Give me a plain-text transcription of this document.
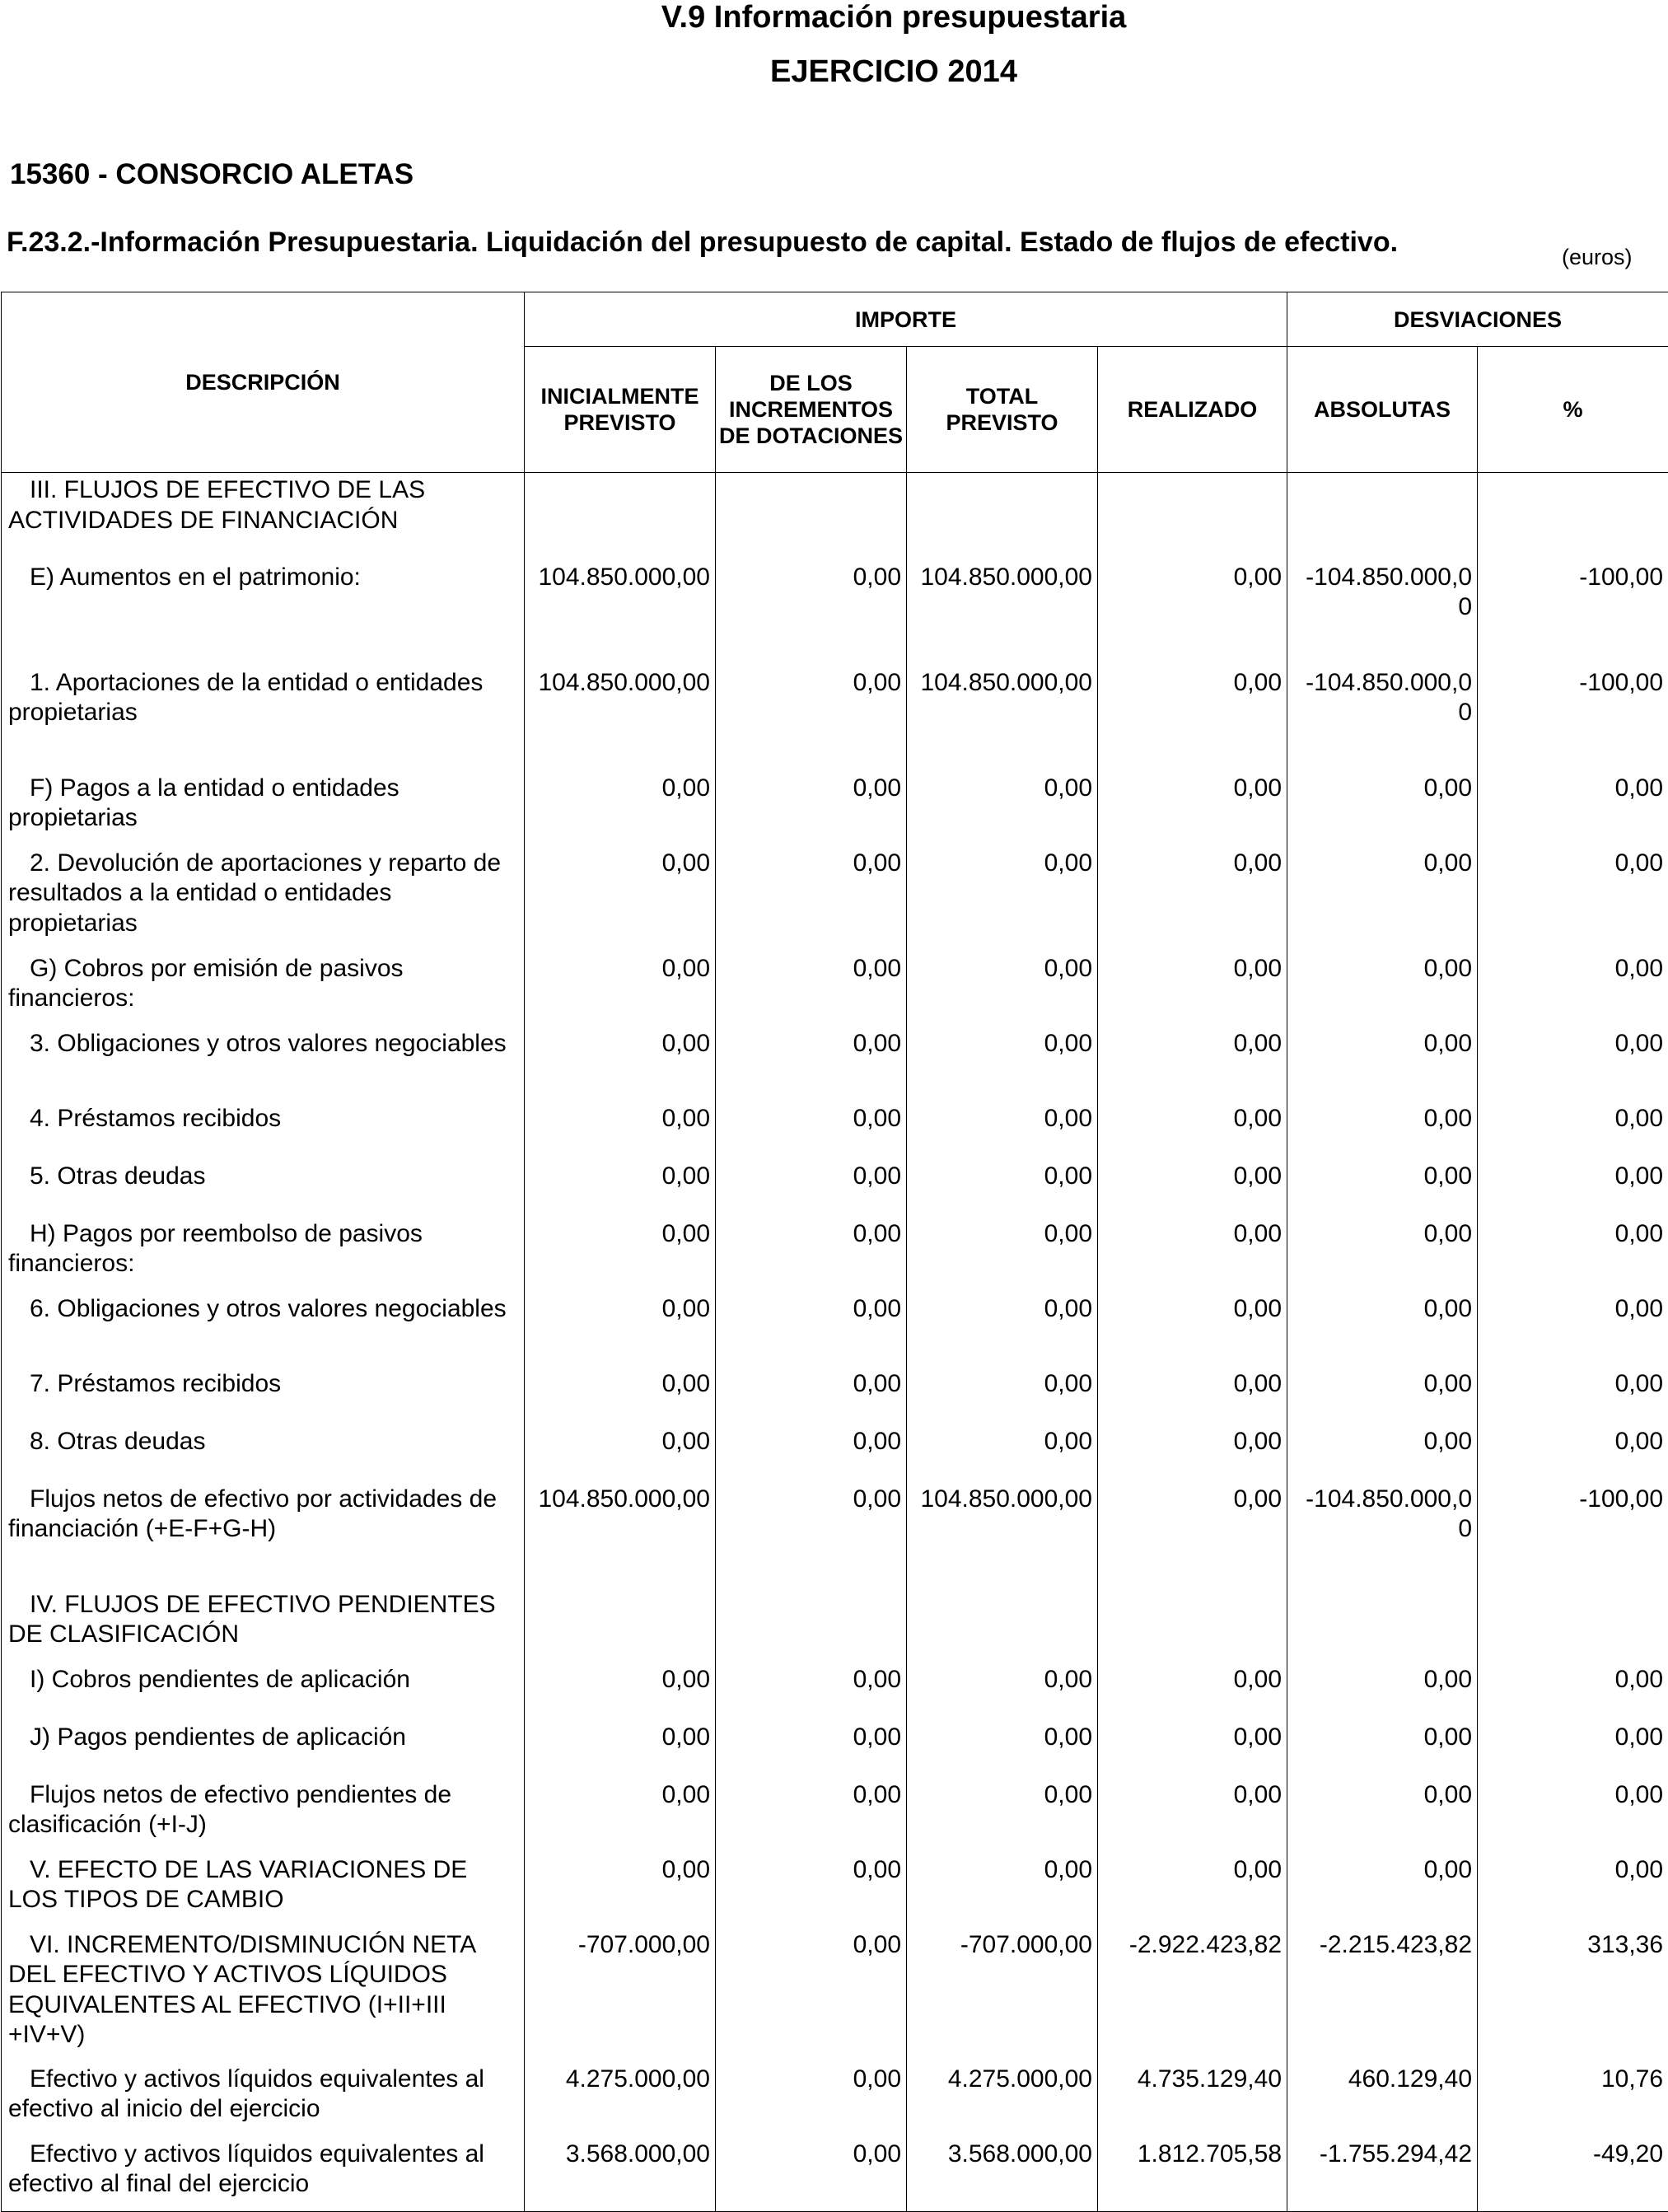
V.9 Información presupuestaria
EJERCICIO 2014
15360 - CONSORCIO ALETAS
F.23.2.-Información Presupuestaria. Liquidación del presupuesto de capital. Estado de flujos de efectivo.	(euros)
DESCRIPCIÓN	IMPORTE				DESVIACIONES	
	INICIALMENTE PREVISTO	DE LOS INCREMENTOS DE DOTACIONES	TOTAL PREVISTO	REALIZADO	ABSOLUTAS	%
III. FLUJOS DE EFECTIVO DE LAS ACTIVIDADES DE FINANCIACIÓN						
E) Aumentos en el patrimonio:	104.850.000,00	0,00	104.850.000,00	0,00	-104.850.000,00	-100,00
1. Aportaciones de la entidad o entidades propietarias	104.850.000,00	0,00	104.850.000,00	0,00	-104.850.000,00	-100,00
F) Pagos a la entidad o entidades propietarias	0,00	0,00	0,00	0,00	0,00	0,00
2. Devolución de aportaciones y reparto de resultados a la entidad o entidades propietarias	0,00	0,00	0,00	0,00	0,00	0,00
G) Cobros por emisión de pasivos financieros:	0,00	0,00	0,00	0,00	0,00	0,00
3. Obligaciones y otros valores negociables	0,00	0,00	0,00	0,00	0,00	0,00
4. Préstamos recibidos	0,00	0,00	0,00	0,00	0,00	0,00
5. Otras deudas	0,00	0,00	0,00	0,00	0,00	0,00
H) Pagos por reembolso de pasivos financieros:	0,00	0,00	0,00	0,00	0,00	0,00
6. Obligaciones y otros valores negociables	0,00	0,00	0,00	0,00	0,00	0,00
7. Préstamos recibidos	0,00	0,00	0,00	0,00	0,00	0,00
8. Otras deudas	0,00	0,00	0,00	0,00	0,00	0,00
Flujos netos de efectivo por actividades de financiación (+E-F+G-H)	104.850.000,00	0,00	104.850.000,00	0,00	-104.850.000,00	-100,00
IV. FLUJOS DE EFECTIVO PENDIENTES DE CLASIFICACIÓN						
I) Cobros pendientes de aplicación	0,00	0,00	0,00	0,00	0,00	0,00
J) Pagos pendientes de aplicación	0,00	0,00	0,00	0,00	0,00	0,00
Flujos netos de efectivo pendientes de clasificación (+I-J)	0,00	0,00	0,00	0,00	0,00	0,00
V. EFECTO DE LAS VARIACIONES DE LOS TIPOS DE CAMBIO	0,00	0,00	0,00	0,00	0,00	0,00
VI. INCREMENTO/DISMINUCIÓN NETA DEL EFECTIVO Y ACTIVOS LÍQUIDOS EQUIVALENTES AL EFECTIVO (I+II+III +IV+V)	-707.000,00	0,00	-707.000,00	-2.922.423,82	-2.215.423,82	313,36
Efectivo y activos líquidos equivalentes al efectivo al inicio del ejercicio	4.275.000,00	0,00	4.275.000,00	4.735.129,40	460.129,40	10,76
Efectivo y activos líquidos equivalentes al efectivo al final del ejercicio	3.568.000,00	0,00	3.568.000,00	1.812.705,58	-1.755.294,42	-49,20
